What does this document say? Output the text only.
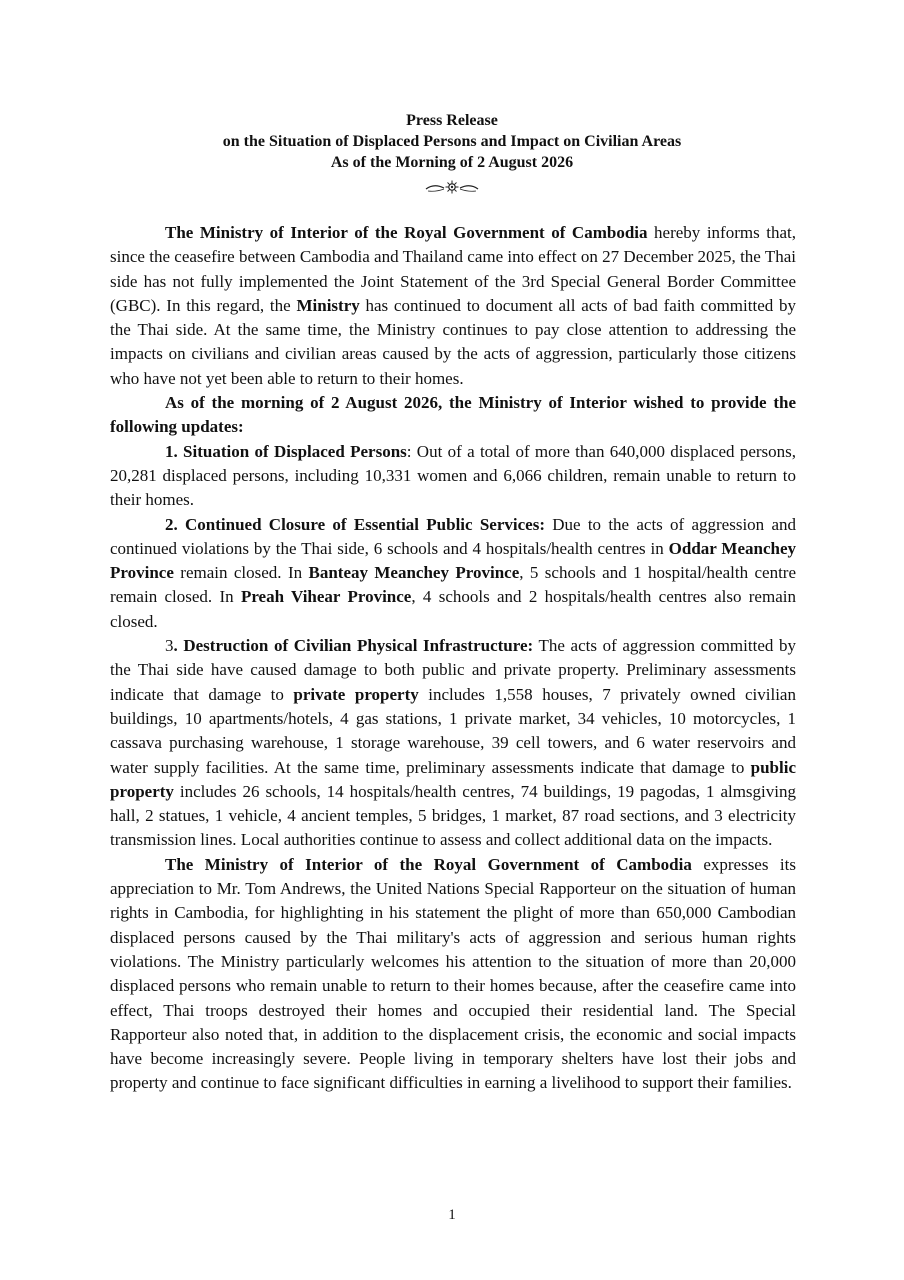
Press Release
on the Situation of Displaced Persons and Impact on Civilian Areas
As of the Morning of 2 August 2026

The Ministry of Interior of the Royal Government of Cambodia hereby informs that, since the ceasefire between Cambodia and Thailand came into effect on 27 December 2025, the Thai side has not fully implemented the Joint Statement of the 3rd Special General Border Committee (GBC). In this regard, the Ministry has continued to document all acts of bad faith committed by the Thai side. At the same time, the Ministry continues to pay close attention to addressing the impacts on civilians and civilian areas caused by the acts of aggression, particularly those citizens who have not yet been able to return to their homes.

As of the morning of 2 August 2026, the Ministry of Interior wished to provide the following updates:

1. Situation of Displaced Persons: Out of a total of more than 640,000 displaced persons, 20,281 displaced persons, including 10,331 women and 6,066 children, remain unable to return to their homes.

2. Continued Closure of Essential Public Services: Due to the acts of aggression and continued violations by the Thai side, 6 schools and 4 hospitals/health centres in Oddar Meanchey Province remain closed. In Banteay Meanchey Province, 5 schools and 1 hospital/health centre remain closed. In Preah Vihear Province, 4 schools and 2 hospitals/health centres also remain closed.

3. Destruction of Civilian Physical Infrastructure: The acts of aggression committed by the Thai side have caused damage to both public and private property. Preliminary assessments indicate that damage to private property includes 1,558 houses, 7 privately owned civilian buildings, 10 apartments/hotels, 4 gas stations, 1 private market, 34 vehicles, 10 motorcycles, 1 cassava purchasing warehouse, 1 storage warehouse, 39 cell towers, and 6 water reservoirs and water supply facilities. At the same time, preliminary assessments indicate that damage to public property includes 26 schools, 14 hospitals/health centres, 74 buildings, 19 pagodas, 1 almsgiving hall, 2 statues, 1 vehicle, 4 ancient temples, 5 bridges, 1 market, 87 road sections, and 3 electricity transmission lines. Local authorities continue to assess and collect additional data on the impacts.

The Ministry of Interior of the Royal Government of Cambodia expresses its appreciation to Mr. Tom Andrews, the United Nations Special Rapporteur on the situation of human rights in Cambodia, for highlighting in his statement the plight of more than 650,000 Cambodian displaced persons caused by the Thai military's acts of aggression and serious human rights violations. The Ministry particularly welcomes his attention to the situation of more than 20,000 displaced persons who remain unable to return to their homes because, after the ceasefire came into effect, Thai troops destroyed their homes and occupied their residential land. The Special Rapporteur also noted that, in addition to the displacement crisis, the economic and social impacts have become increasingly severe. People living in temporary shelters have lost their jobs and property and continue to face significant difficulties in earning a livelihood to support their families.

1
